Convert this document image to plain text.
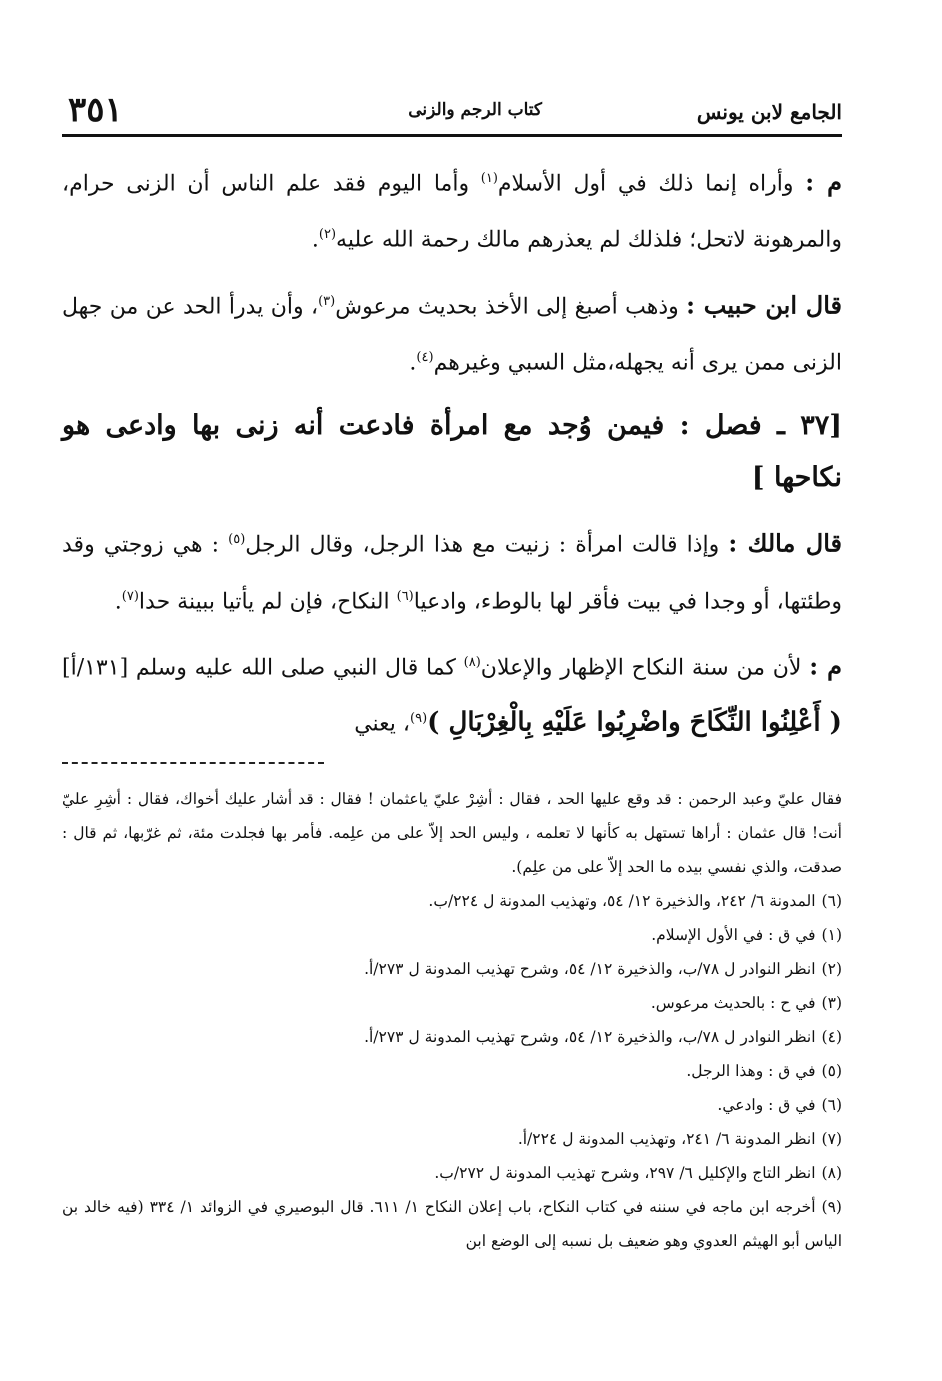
الجامع لابن يونس
كتاب الرجم والزنى
٣٥١

م : وأراه إنما ذلك في أول الأسلام$^{(١)}$ وأما اليوم فقد علم الناس أن الزنى حرام، والمرهونة لاتحل؛ فلذلك لم يعذرهم مالك رحمة الله عليه$^{(٢)}$.

قال ابن حبيب : وذهب أصبغ إلى الأخذ بحديث مرعوش$^{(٣)}$، وأن يدرأ الحد عن من جهل الزنى ممن يرى أنه يجهله،مثل السبي وغيرهم$^{(٤)}$.

[٣٧ ـ فصل : فيمن وُجد مع امرأة فادعت أنه زنى بها وادعى هو نكاحها ]

قال مالك : وإذا قالت امرأة : زنيت مع هذا الرجل، وقال الرجل$^{(٥)}$ : هي زوجتي وقد وطئتها، أو وجدا في بيت فأقر لها بالوطء، وادعيا$^{(٦)}$ النكاح، فإن لم يأتيا ببينة حدا$^{(٧)}$.

م : لأن من سنة النكاح الإظهار والإعلان$^{(٨)}$ كما قال النبي صلى الله عليه وسلم [١٣١/أ] ( أَعْلِنُوا النِّكَاحَ واضْرِبُوا عَلَيْهِ بِالْغِرْبَالِ )$^{(٩)}$، يعني

فقال عليّ وعبد الرحمن : قد وقع عليها الحد ، فقال : أشِرْ عليّ ياعثمان ! فقال : قد أشار عليك أخواك، فقال : أشِرِ عليّ أنت! قال عثمان : أراها تستهل به كأنها لا تعلمه ، وليس الحد إلاّ على من علِمه. فأمر بها فجلدت مئة، ثم غرّبها، ثم قال : صدقت، والذي نفسي بيده ما الحد إلاّ على من علِم).

(٦)المدونة ٦/ ٢٤٢، والذخيرة ١٢/ ٥٤، وتهذيب المدونة ل ٢٢٤/ب.
(١)في ق : في الأول الإسلام.
(٢)انظر النوادر ل ٧٨/ب، والذخيرة ١٢/ ٥٤، وشرح تهذيب المدونة ل ٢٧٣/أ.
(٣)في ح : بالحديث مرعوس.
(٤)انظر النوادر ل ٧٨/ب، والذخيرة ١٢/ ٥٤، وشرح تهذيب المدونة ل ٢٧٣/أ.
(٥)في ق : وهذا الرجل.
(٦)في ق : وادعي.
(٧)انظر المدونة ٦/ ٢٤١، وتهذيب المدونة ل ٢٢٤/أ.
(٨)انظر التاج والإكليل ٦/ ٢٩٧، وشرح تهذيب المدونة ل ٢٧٢/ب.

(٩)أخرجه ابن ماجه في سننه في كتاب النكاح، باب إعلان النكاح ١/ ٦١١. قال البوصيري في الزوائد ١/ ٣٣٤ (فيه خالد بن الياس أبو الهيثم العدوي وهو ضعيف بل نسبه إلى الوضع ابن
